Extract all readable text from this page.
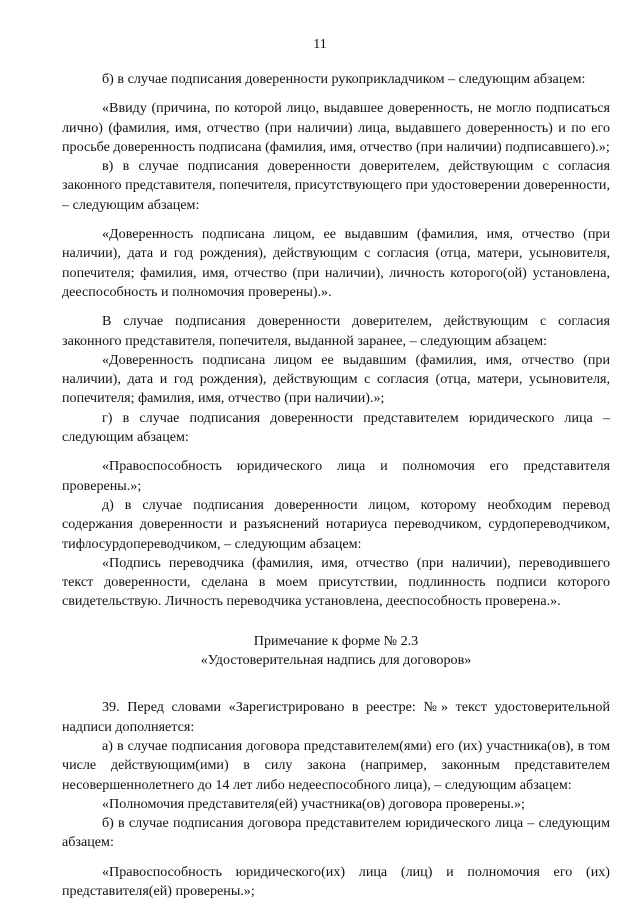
11

б) в случае подписания доверенности рукоприкладчиком – следующим абзацем:

«Ввиду (причина, по которой лицо, выдавшее доверенность, не могло подписаться лично) (фамилия, имя, отчество (при наличии) лица, выдавшего доверенность) и по его просьбе доверенность подписана (фамилия, имя, отчество (при наличии) подписавшего).»;

в) в случае подписания доверенности доверителем, действующим с согласия законного представителя, попечителя, присутствующего при удостоверении доверенности, – следующим абзацем:

«Доверенность подписана лицом, ее выдавшим (фамилия, имя, отчество (при наличии), дата и год рождения), действующим с согласия (отца, матери, усыновителя, попечителя; фамилия, имя, отчество (при наличии), личность которого(ой) установлена, дееспособность и полномочия проверены).».

В случае подписания доверенности доверителем, действующим с согласия законного представителя, попечителя, выданной заранее, – следующим абзацем:

«Доверенность подписана лицом ее выдавшим (фамилия, имя, отчество (при наличии), дата и год рождения), действующим с согласия (отца, матери, усыновителя, попечителя; фамилия, имя, отчество (при наличии).»;

г) в случае подписания доверенности представителем юридического лица – следующим абзацем:

«Правоспособность юридического лица и полномочия его представителя проверены.»;

д) в случае подписания доверенности лицом, которому необходим перевод содержания доверенности и разъяснений нотариуса переводчиком, сурдопереводчиком, тифлосурдопереводчиком, – следующим абзацем:

«Подпись переводчика (фамилия, имя, отчество (при наличии), переводившего текст доверенности, сделана в моем присутствии, подлинность подписи которого свидетельствую. Личность переводчика установлена, дееспособность проверена.».

Примечание к форме № 2.3
«Удостоверительная надпись для договоров»

39. Перед словами «Зарегистрировано в реестре: №» текст удостоверительной надписи дополняется:

а) в случае подписания договора представителем(ями) его (их) участника(ов), в том числе действующим(ими) в силу закона (например, законным представителем несовершеннолетнего до 14 лет либо недееспособного лица), – следующим абзацем:

«Полномочия представителя(ей) участника(ов) договора проверены.»;

б) в случае подписания договора представителем юридического лица – следующим абзацем:

«Правоспособность юридического(их) лица (лиц) и полномочия его (их) представителя(ей) проверены.»;
